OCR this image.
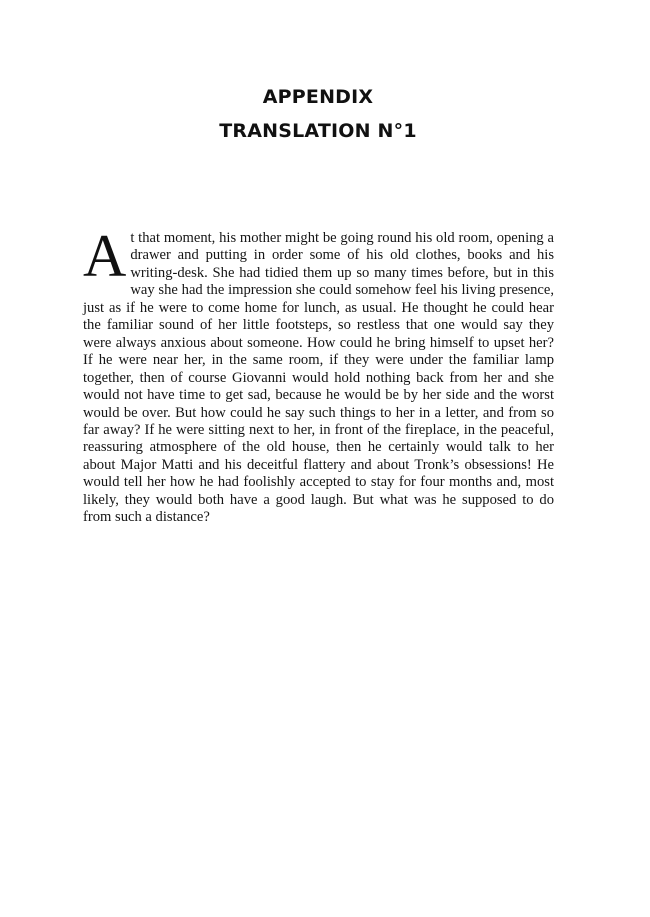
APPENDIX
TRANSLATION N°1
At that moment, his mother might be going round his old room, opening a drawer and putting in order some of his old clothes, books and his writing-desk. She had tidied them up so many times before, but in this way she had the impression she could somehow feel his living presence, just as if he were to come home for lunch, as usual. He thought he could hear the familiar sound of her little footsteps, so restless that one would say they were always anxious about someone. How could he bring himself to upset her? If he were near her, in the same room, if they were under the familiar lamp together, then of course Giovanni would hold nothing back from her and she would not have time to get sad, because he would be by her side and the worst would be over. But how could he say such things to her in a letter, and from so far away? If he were sitting next to her, in front of the fireplace, in the peaceful, reassuring atmosphere of the old house, then he certainly would talk to her about Major Matti and his deceitful flattery and about Tronk’s obsessions! He would tell her how he had foolishly accepted to stay for four months and, most likely, they would both have a good laugh. But what was he supposed to do from such a distance?
